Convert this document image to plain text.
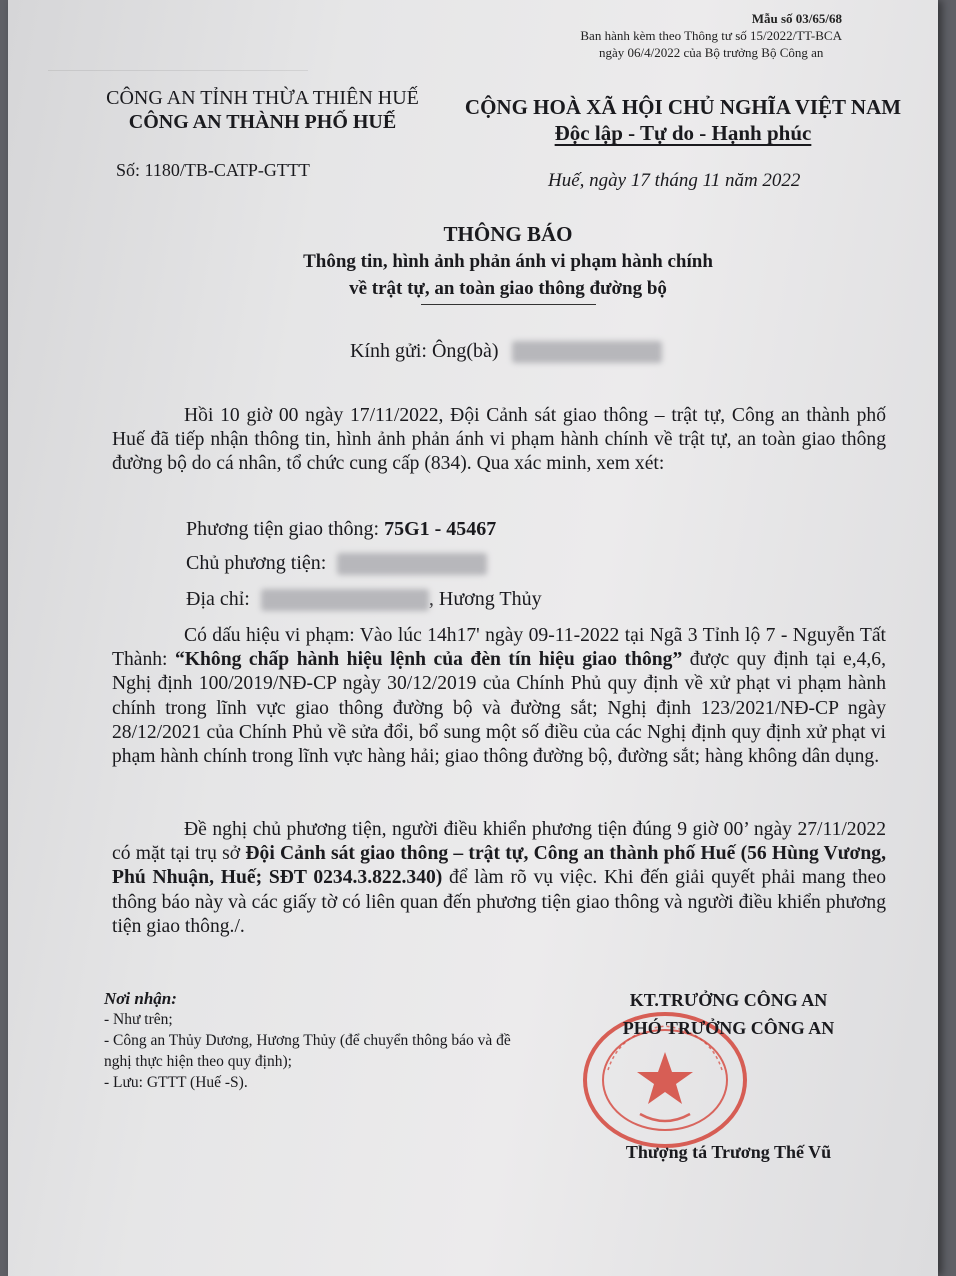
Mẫu số 03/65/68
Ban hành kèm theo Thông tư số 15/2022/TT-BCA
ngày 06/4/2022 của Bộ trưởng Bộ Công an
CÔNG AN TỈNH THỪA THIÊN HUẾ
CÔNG AN THÀNH PHỐ HUẾ
CỘNG HOÀ XÃ HỘI CHỦ NGHĨA VIỆT NAM
Độc lập - Tự do - Hạnh phúc
Số: 1180/TB-CATP-GTTT	Huế, ngày 17 tháng 11 năm 2022
THÔNG BÁO
Thông tin, hình ảnh phản ánh vi phạm hành chính
về trật tự, an toàn giao thông đường bộ
Kính gửi: Ông(bà)

Hồi 10 giờ 00 ngày 17/11/2022, Đội Cảnh sát giao thông – trật tự, Công an thành phố Huế đã tiếp nhận thông tin, hình ảnh phản ánh vi phạm hành chính về trật tự, an toàn giao thông đường bộ do cá nhân, tổ chức cung cấp (834). Qua xác minh, xem xét:

Phương tiện giao thông: 75G1 - 45467
Chủ phương tiện:
Địa chỉ:	, Hương Thủy

Có dấu hiệu vi phạm: Vào lúc 14h17' ngày 09-11-2022 tại Ngã 3 Tỉnh lộ 7 - Nguyễn Tất Thành: “Không chấp hành hiệu lệnh của đèn tín hiệu giao thông” được quy định tại e,4,6, Nghị định 100/2019/NĐ-CP ngày 30/12/2019 của Chính Phủ quy định về xử phạt vi phạm hành chính trong lĩnh vực giao thông đường bộ và đường sắt; Nghị định 123/2021/NĐ-CP ngày 28/12/2021 của Chính Phủ về sửa đổi, bổ sung một số điều của các Nghị định quy định xử phạt vi phạm hành chính trong lĩnh vực hàng hải; giao thông đường bộ, đường sắt; hàng không dân dụng.

Đề nghị chủ phương tiện, người điều khiển phương tiện đúng 9 giờ 00’ ngày 27/11/2022 có mặt tại trụ sở Đội Cảnh sát giao thông – trật tự, Công an thành phố Huế (56 Hùng Vương, Phú Nhuận, Huế; SĐT 0234.3.822.340) để làm rõ vụ việc. Khi đến giải quyết phải mang theo thông báo này và các giấy tờ có liên quan đến phương tiện giao thông và người điều khiển phương tiện giao thông./.

Nơi nhận:
- Như trên;
- Công an Thủy Dương, Hương Thủy (để chuyển thông báo và đề nghị thực hiện theo quy định);
- Lưu: GTTT (Huế -S).
KT.TRƯỞNG CÔNG AN
PHÓ TRƯỞNG CÔNG AN
Thượng tá Trương Thế Vũ
